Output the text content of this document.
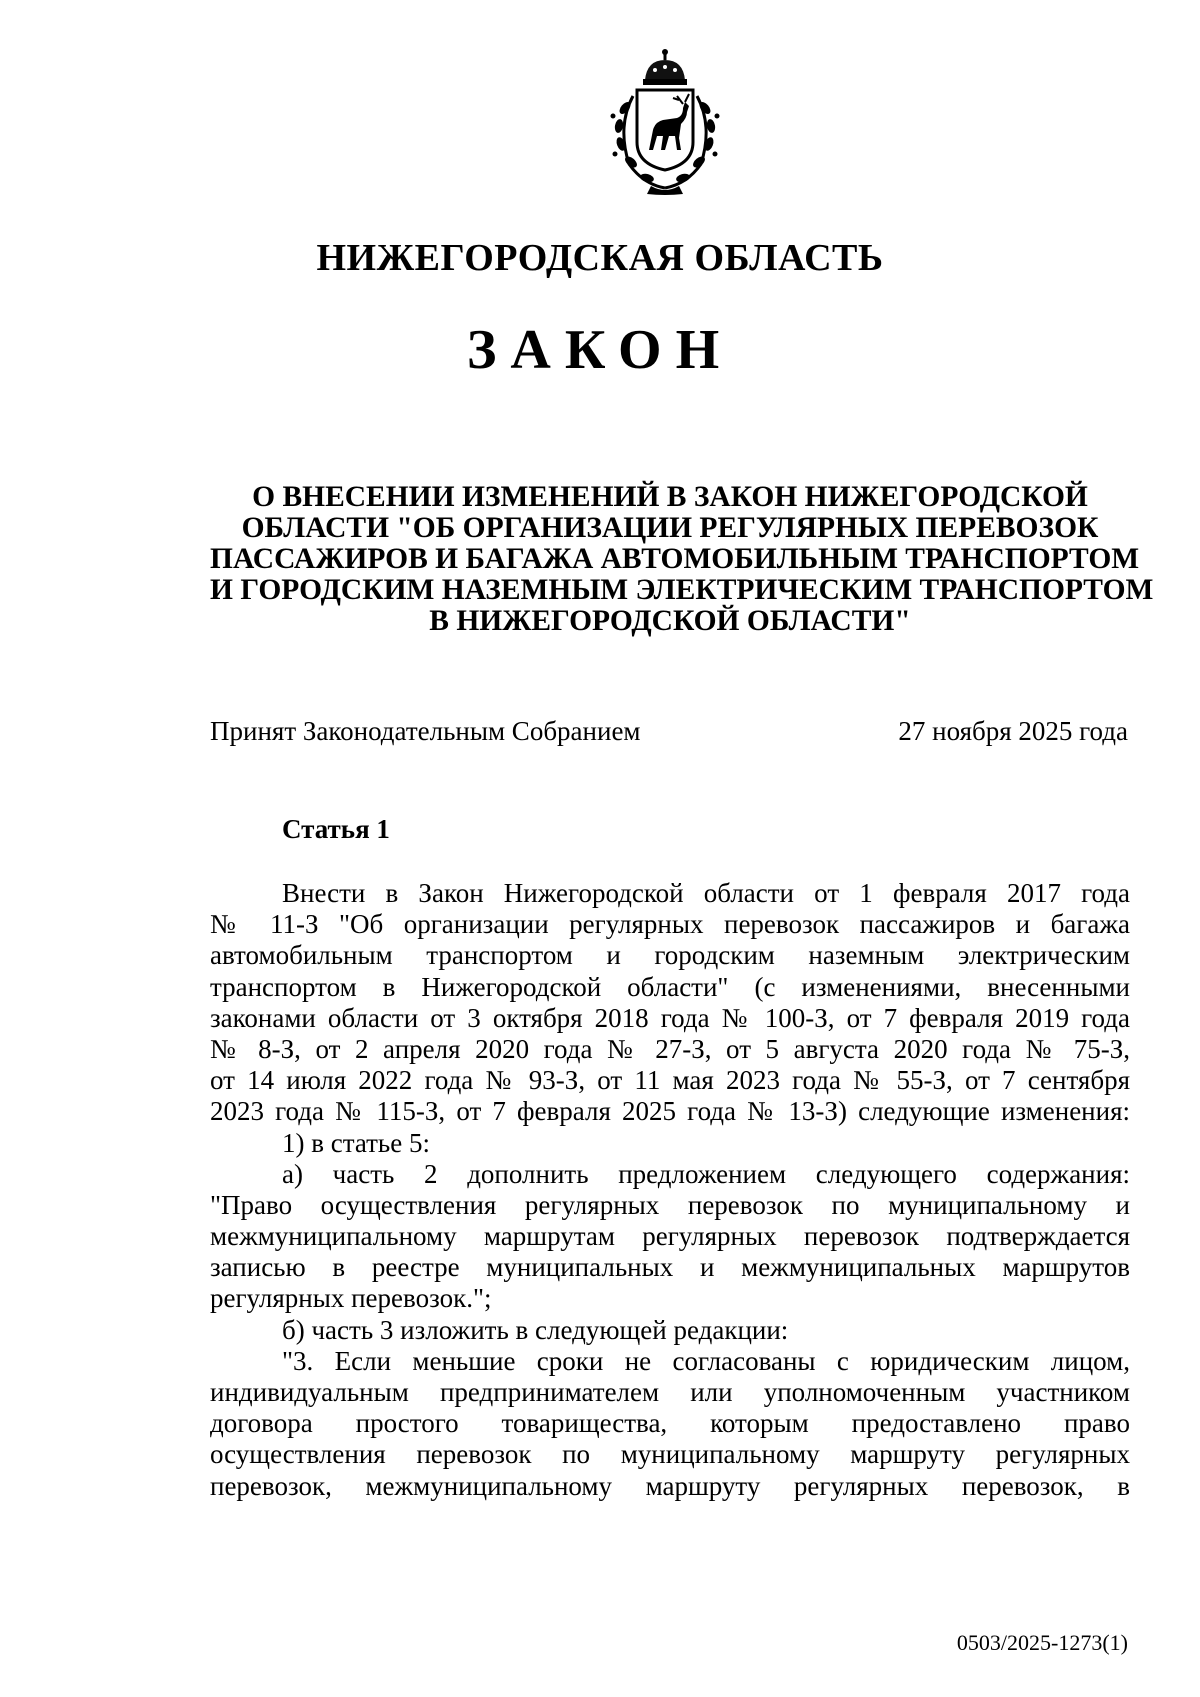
НИЖЕГОРОДСКАЯ ОБЛАСТЬ
ЗАКОН
О ВНЕСЕНИИ ИЗМЕНЕНИЙ В ЗАКОН НИЖЕГОРОДСКОЙ
ОБЛАСТИ "ОБ ОРГАНИЗАЦИИ РЕГУЛЯРНЫХ ПЕРЕВОЗОК
ПАССАЖИРОВ И БАГАЖА АВТОМОБИЛЬНЫМ ТРАНСПОРТОМ
И ГОРОДСКИМ НАЗЕМНЫМ ЭЛЕКТРИЧЕСКИМ ТРАНСПОРТОМ
В НИЖЕГОРОДСКОЙ ОБЛАСТИ"
Принят Законодательным Собранием	27 ноября 2025 года
Статья 1
Внести в Закон Нижегородской области от 1 февраля 2017 года
№ 11-З "Об организации регулярных перевозок пассажиров и багажа
автомобильным транспортом и городским наземным электрическим
транспортом в Нижегородской области" (с изменениями, внесенными
законами области от 3 октября 2018 года № 100-З, от 7 февраля 2019 года
№ 8-З, от 2 апреля 2020 года № 27-З, от 5 августа 2020 года № 75-З,
от 14 июля 2022 года № 93-З, от 11 мая 2023 года № 55-З, от 7 сентября
2023 года № 115-З, от 7 февраля 2025 года № 13-З) следующие изменения:
1) в статье 5:
а) часть 2 дополнить предложением следующего содержания:
"Право осуществления регулярных перевозок по муниципальному и
межмуниципальному маршрутам регулярных перевозок подтверждается
записью в реестре муниципальных и межмуниципальных маршрутов
регулярных перевозок.";
б) часть 3 изложить в следующей редакции:
"3. Если меньшие сроки не согласованы с юридическим лицом,
индивидуальным предпринимателем или уполномоченным участником
договора простого товарищества, которым предоставлено право
осуществления перевозок по муниципальному маршруту регулярных
перевозок, межмуниципальному маршруту регулярных перевозок, в
0503/2025-1273(1)
